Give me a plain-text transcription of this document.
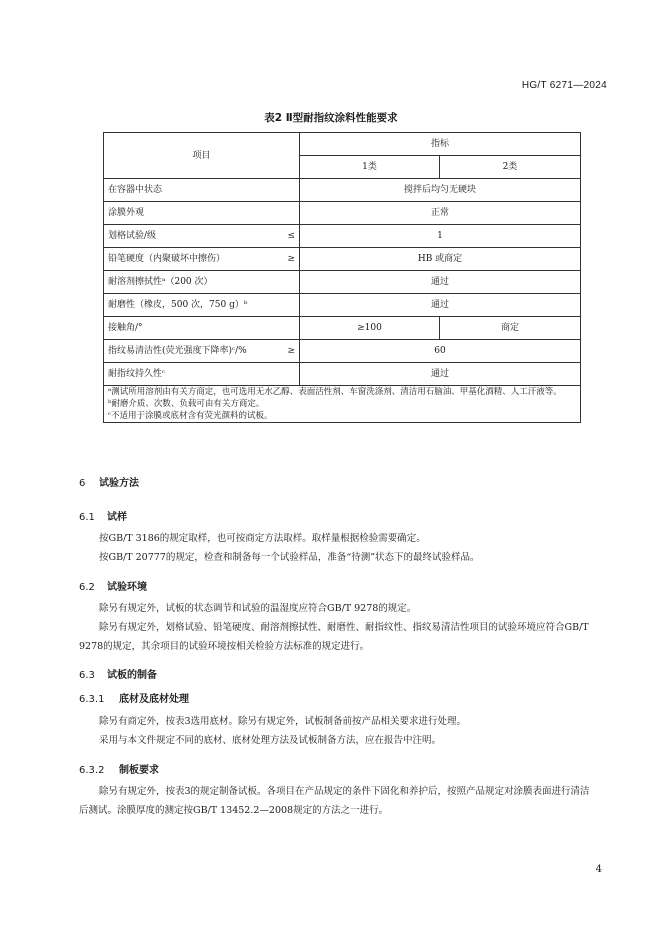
HG/T 6271—2024
表2 Ⅱ型耐指纹涂料性能要求
项目	指标	
	1类	2类
在容器中状态	搅拌后均匀无硬块	
涂膜外观	正常	
划格试验/级 ≤	1	
铅笔硬度（内聚破坏中擦伤） ≥	HB 或商定	
耐溶剂擦拭性ᵃ（200 次）	通过	
耐磨性（橡皮，500 次，750 g）ᵇ	通过	
接触角/°	≥100	商定
指纹易清洁性(荧光强度下降率)ᶜ/% ≥	60	
耐指纹持久性ᶜ	通过	

ᵃ测试所用溶剂由有关方商定，也可选用无水乙醇、表面活性剂、车窗洗涤剂、清洁用石脑油、甲基化酒精、人工汗液等。
ᵇ耐磨介质、次数、负载可由有关方商定。
ᶜ不适用于涂膜或底材含有荧光颜料的试板。		
6 试验方法
6.1 试样
按GB/T 3186的规定取样，也可按商定方法取样。取样量根据检验需要确定。
按GB/T 20777的规定，检查和制备每一个试验样品，准备“待测”状态下的最终试验样品。
6.2 试验环境
除另有规定外，试板的状态调节和试验的温湿度应符合GB/T 9278的规定。
除另有规定外，划格试验、铅笔硬度、耐溶剂擦拭性、耐磨性、耐指纹性、指纹易清洁性项目的试验环境应符合GB/T 9278的规定，其余项目的试验环境按相关检验方法标准的规定进行。
6.3 试板的制备
6.3.1 底材及底材处理
除另有商定外，按表3选用底材。除另有规定外，试板制备前按产品相关要求进行处理。
采用与本文件规定不同的底材、底材处理方法及试板制备方法，应在报告中注明。
6.3.2 制板要求
除另有规定外，按表3的规定制备试板。各项目在产品规定的条件下固化和养护后，按照产品规定对涂膜表面进行清洁后测试。涂膜厚度的测定按GB/T 13452.2—2008规定的方法之一进行。
4
